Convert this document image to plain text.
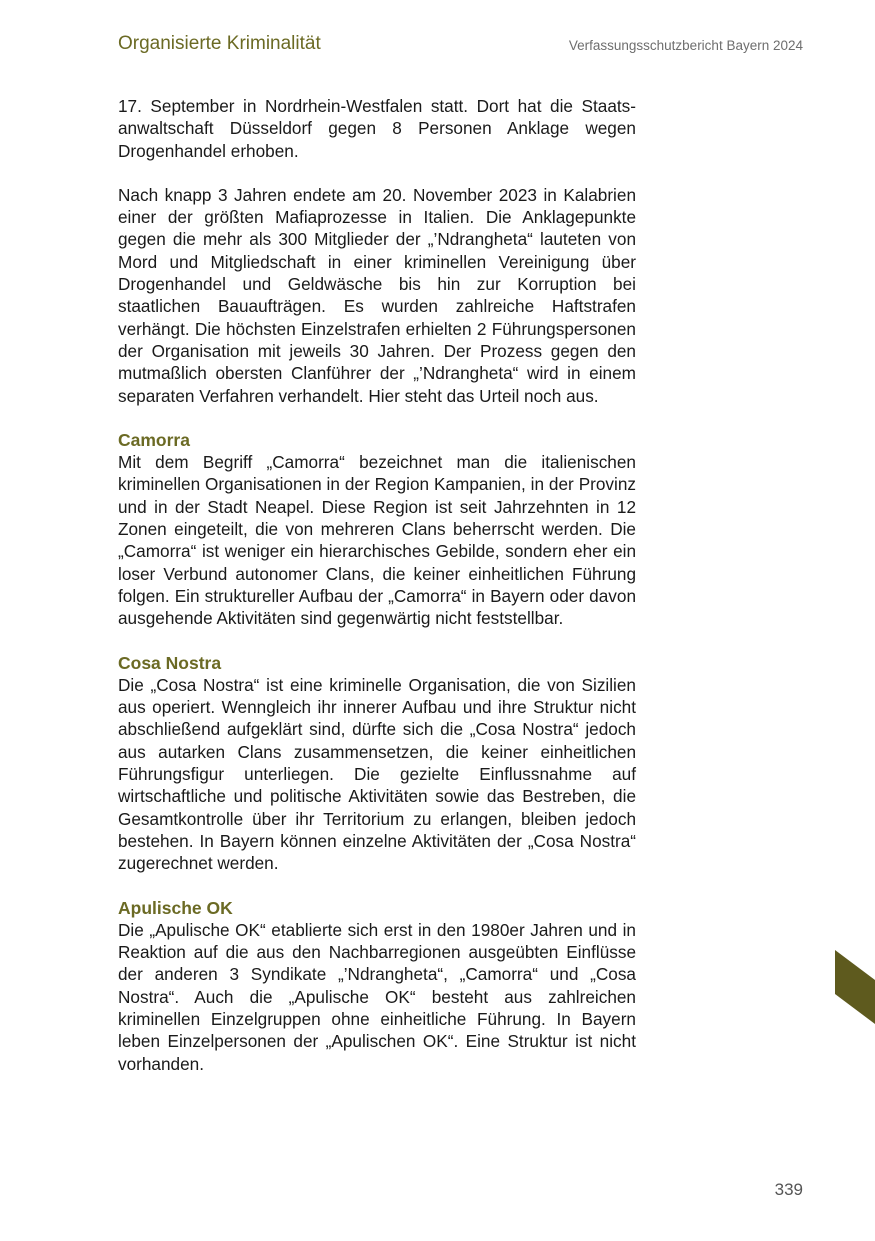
Organisierte Kriminalität	Verfassungsschutzbericht Bayern 2024

17. September in Nordrhein-Westfalen statt. Dort hat die Staatsanwaltschaft Düsseldorf gegen 8 Personen Anklage wegen Drogenhandel erhoben.

Nach knapp 3 Jahren endete am 20. November 2023 in Kalabrien einer der größten Mafiaprozesse in Italien. Die Anklagepunkte gegen die mehr als 300 Mitglieder der „’Ndrangheta“ lauteten von Mord und Mitgliedschaft in einer kriminellen Vereinigung über Drogenhandel und Geldwäsche bis hin zur Korruption bei staatlichen Bauaufträgen. Es wurden zahlreiche Haftstrafen verhängt. Die höchsten Einzelstrafen erhielten 2 Führungspersonen der Organisation mit jeweils 30 Jahren. Der Prozess gegen den mutmaßlich obersten Clanführer der „’Ndrangheta“ wird in einem separaten Verfahren verhandelt. Hier steht das Urteil noch aus.

Camorra

Mit dem Begriff „Camorra“ bezeichnet man die italienischen kriminellen Organisationen in der Region Kampanien, in der Provinz und in der Stadt Neapel. Diese Region ist seit Jahrzehnten in 12 Zonen eingeteilt, die von mehreren Clans beherrscht werden. Die „Camorra“ ist weniger ein hierarchisches Gebilde, sondern eher ein loser Verbund autonomer Clans, die keiner einheitlichen Führung folgen. Ein struktureller Aufbau der „Camorra“ in Bayern oder davon ausgehende Aktivitäten sind gegenwärtig nicht feststellbar.

Cosa Nostra

Die „Cosa Nostra“ ist eine kriminelle Organisation, die von Sizilien aus operiert. Wenngleich ihr innerer Aufbau und ihre Struktur nicht abschließend aufgeklärt sind, dürfte sich die „Cosa Nostra“ jedoch aus autarken Clans zusammensetzen, die keiner einheitlichen Führungsfigur unterliegen. Die gezielte Einflussnahme auf wirtschaftliche und politische Aktivitäten sowie das Bestreben, die Gesamtkontrolle über ihr Territorium zu erlangen, bleiben jedoch bestehen. In Bayern können einzelne Aktivitäten der „Cosa Nostra“ zugerechnet werden.

Apulische OK

Die „Apulische OK“ etablierte sich erst in den 1980er Jahren und in Reaktion auf die aus den Nachbarregionen ausgeübten Einflüsse der anderen 3 Syndikate „’Ndrangheta“, „Camorra“ und „Cosa Nostra“. Auch die „Apulische OK“ besteht aus zahlreichen kriminellen Einzelgruppen ohne einheitliche Führung. In Bayern leben Einzelpersonen der „Apulischen OK“. Eine Struktur ist nicht vorhanden.

339
